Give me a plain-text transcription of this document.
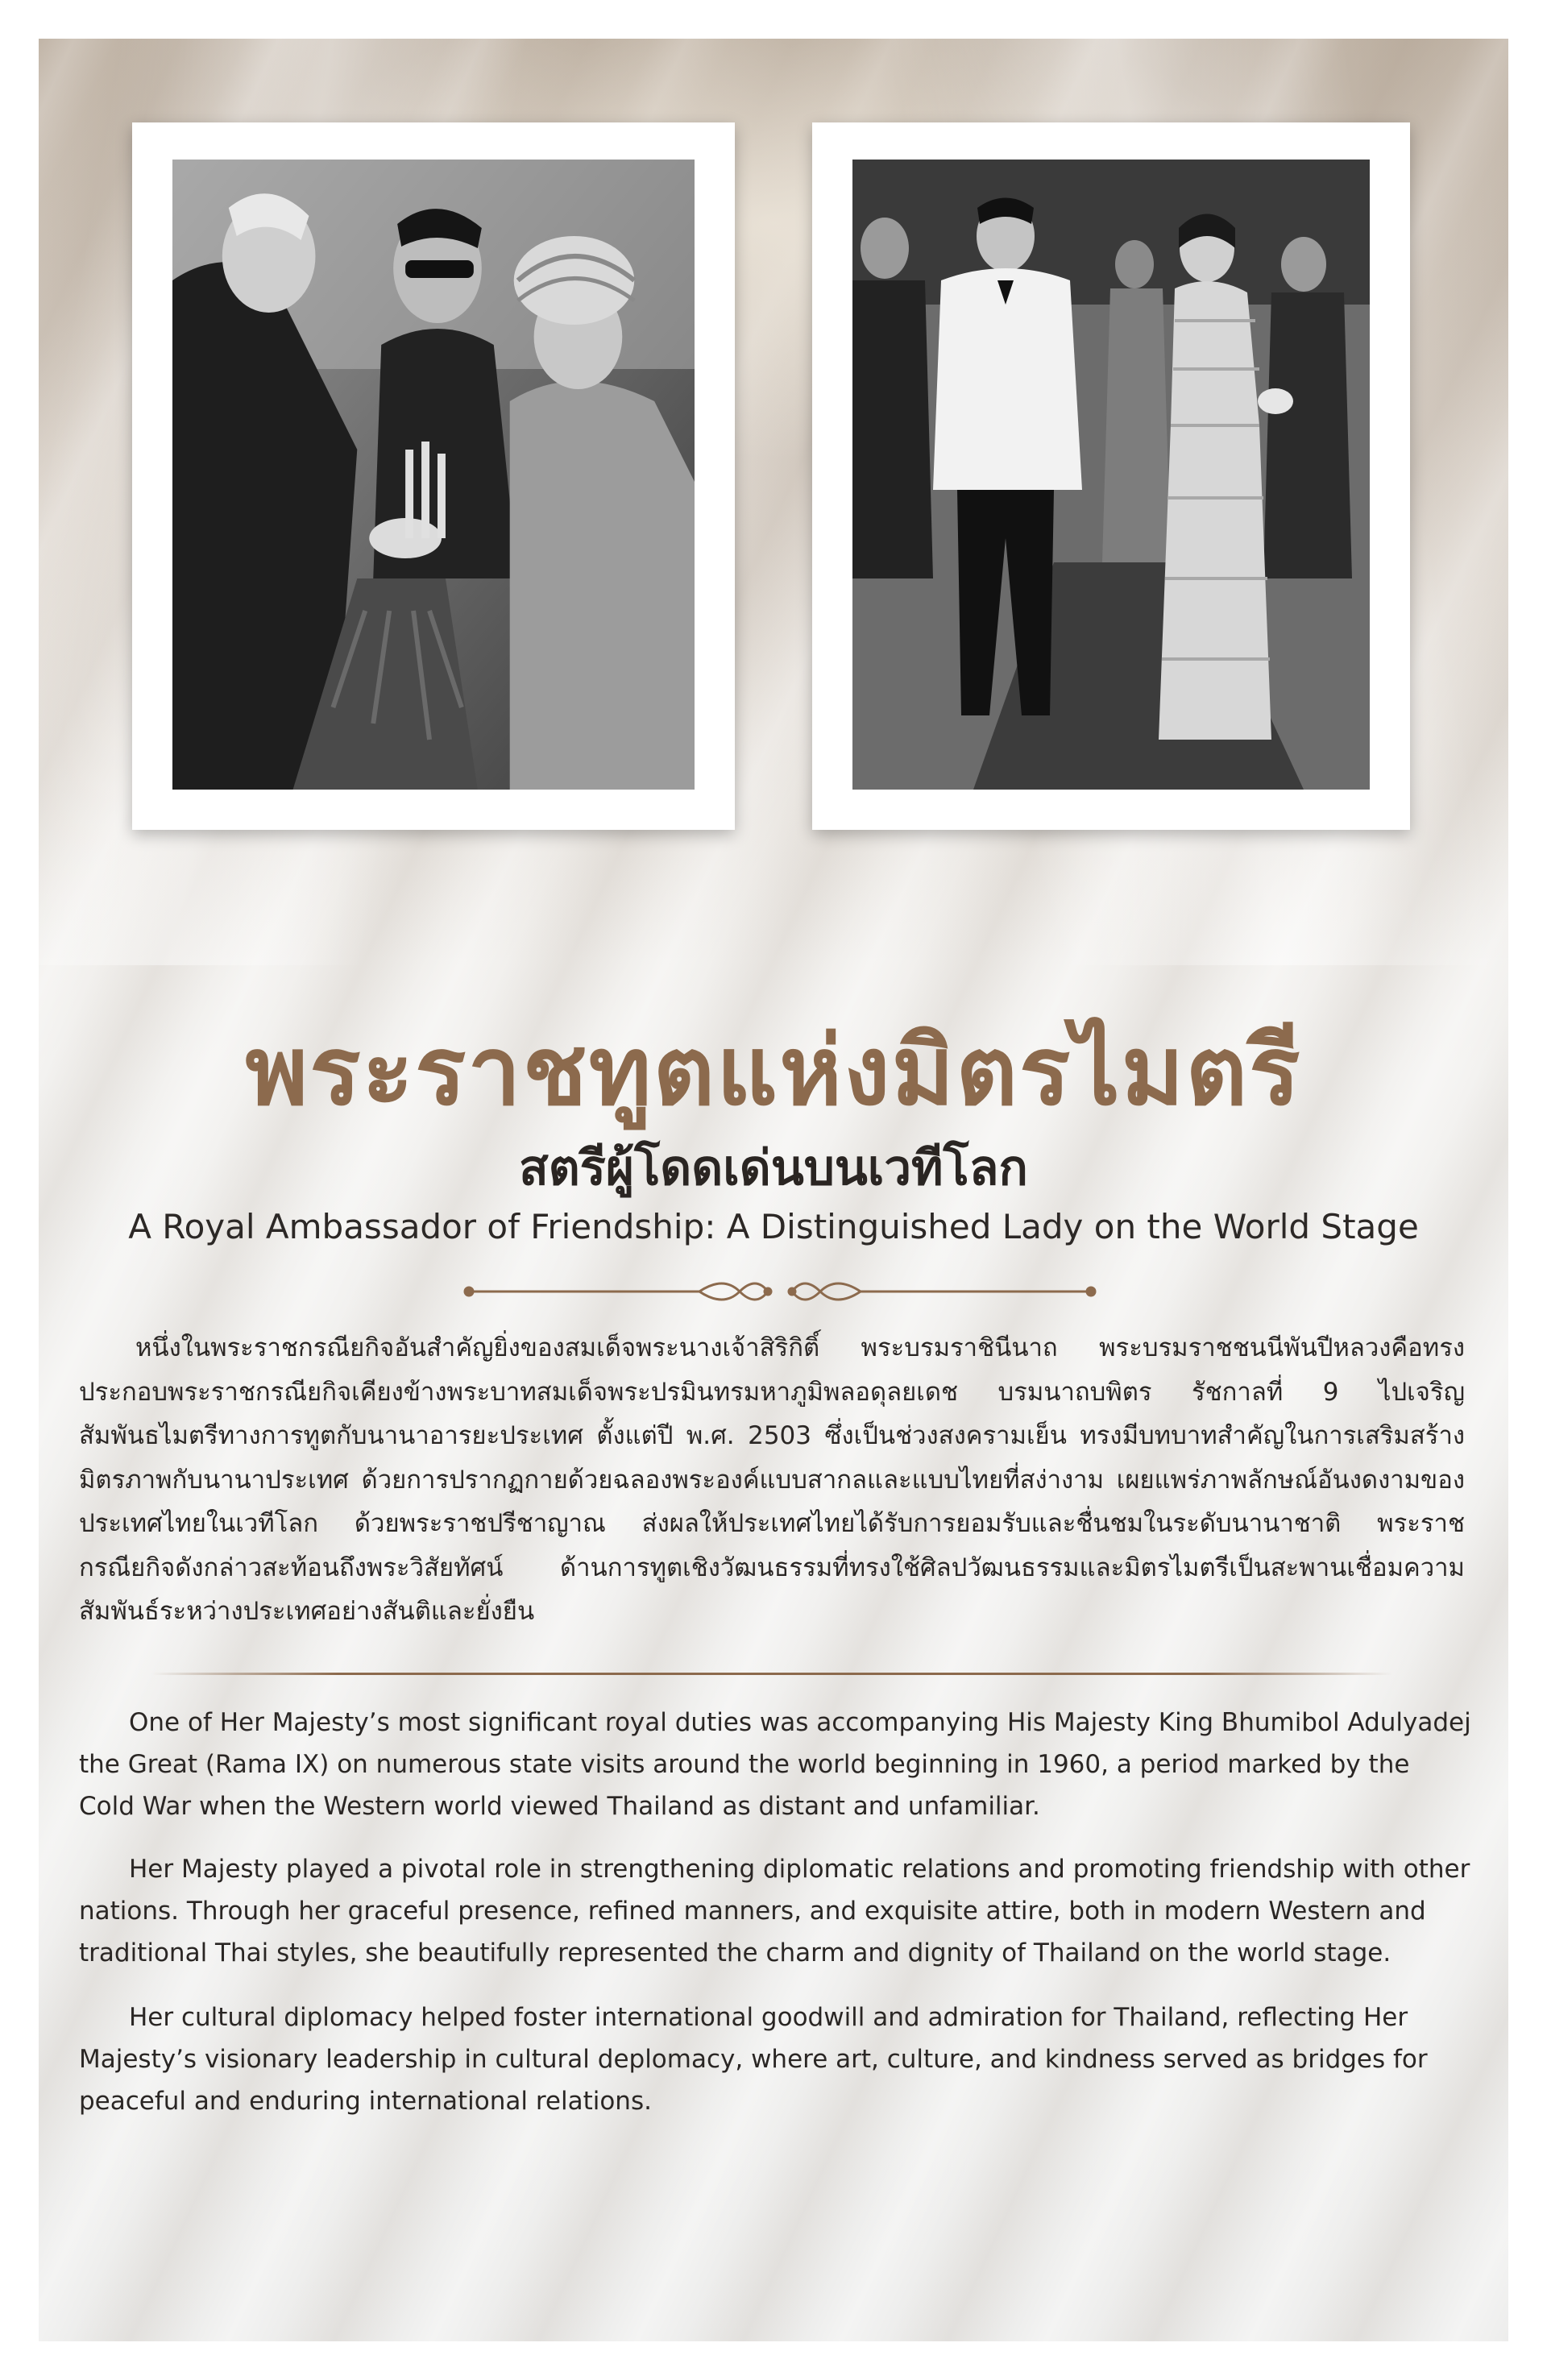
พระราชทูตแห่งมิตรไมตรี
สตรีผู้โดดเด่นบนเวทีโลก
A Royal Ambassador of Friendship: A Distinguished Lady on the World Stage

หนึ่งในพระราชกรณียกิจอันสำคัญยิ่งของสมเด็จพระนางเจ้าสิริกิติ์ พระบรมราชินีนาถ พระบรมราชชนนีพันปีหลวงคือทรงประกอบพระราชกรณียกิจเคียงข้างพระบาทสมเด็จพระปรมินทรมหาภูมิพลอดุลยเดช บรมนาถบพิตร รัชกาลที่ 9 ไปเจริญสัมพันธไมตรีทางการทูตกับนานาอารยะประเทศ ตั้งแต่ปี พ.ศ. 2503 ซึ่งเป็นช่วงสงครามเย็น ทรงมีบทบาทสำคัญในการเสริมสร้างมิตรภาพกับนานาประเทศ ด้วยการปรากฏกายด้วยฉลองพระองค์แบบสากลและแบบไทยที่สง่างาม เผยแพร่ภาพลักษณ์อันงดงามของประเทศไทยในเวทีโลก ด้วยพระราชปรีชาญาณ ส่งผลให้ประเทศไทยได้รับการยอมรับและชื่นชมในระดับนานาชาติ พระราชกรณียกิจดังกล่าวสะท้อนถึงพระวิสัยทัศน์ ด้านการทูตเชิงวัฒนธรรมที่ทรงใช้ศิลปวัฒนธรรมและมิตรไมตรีเป็นสะพานเชื่อมความสัมพันธ์ระหว่างประเทศอย่างสันติและยั่งยืน

One of Her Majesty’s most significant royal duties was accompanying His Majesty King Bhumibol Adulyadej the Great (Rama IX) on numerous state visits around the world beginning in 1960, a period marked by the Cold War when the Western world viewed Thailand as distant and unfamiliar.

Her Majesty played a pivotal role in strengthening diplomatic relations and promoting friendship with other nations. Through her graceful presence, refined manners, and exquisite attire, both in modern Western and traditional Thai styles, she beautifully represented the charm and dignity of Thailand on the world stage.

Her cultural diplomacy helped foster international goodwill and admiration for Thailand, reflecting Her Majesty’s visionary leadership in cultural deplomacy, where art, culture, and kindness served as bridges for peaceful and enduring international relations.
